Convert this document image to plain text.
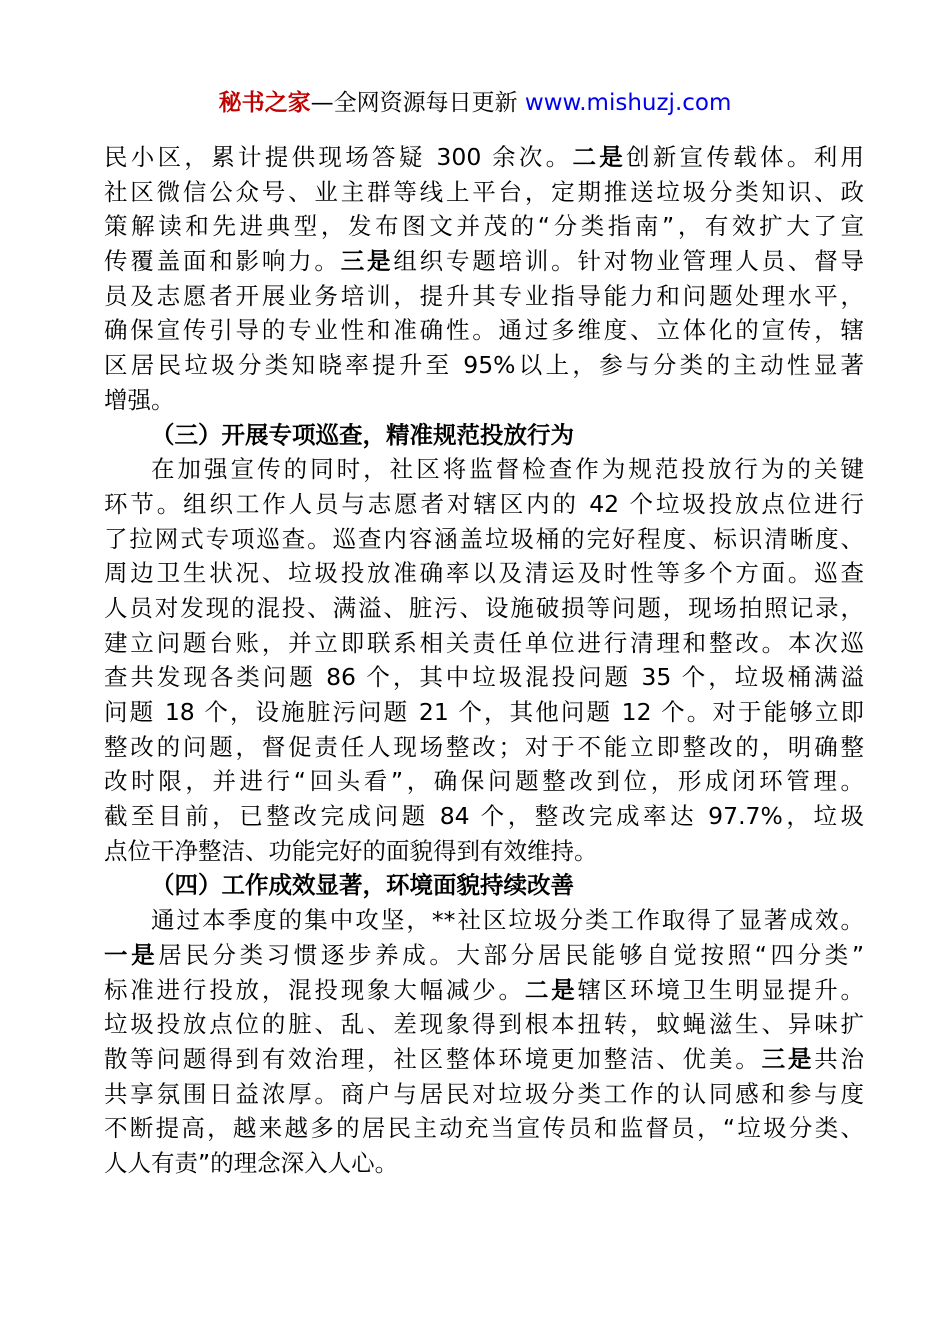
秘书之家—全网资源每日更新 www.mishuzj.com
民小区，累计提供现场答疑 300 余次。二是创新宣传载体。利用
社区微信公众号、业主群等线上平台，定期推送垃圾分类知识、政
策解读和先进典型，发布图文并茂的“分类指南”，有效扩大了宣
传覆盖面和影响力。三是组织专题培训。针对物业管理人员、督导
员及志愿者开展业务培训，提升其专业指导能力和问题处理水平，
确保宣传引导的专业性和准确性。通过多维度、立体化的宣传，辖
区居民垃圾分类知晓率提升至 95%以上，参与分类的主动性显著
增强。
（三）开展专项巡查，精准规范投放行为
在加强宣传的同时，社区将监督检查作为规范投放行为的关键
环节。组织工作人员与志愿者对辖区内的 42 个垃圾投放点位进行
了拉网式专项巡查。巡查内容涵盖垃圾桶的完好程度、标识清晰度、
周边卫生状况、垃圾投放准确率以及清运及时性等多个方面。巡查
人员对发现的混投、满溢、脏污、设施破损等问题，现场拍照记录，
建立问题台账，并立即联系相关责任单位进行清理和整改。本次巡
查共发现各类问题 86 个，其中垃圾混投问题 35 个，垃圾桶满溢
问题 18 个，设施脏污问题 21 个，其他问题 12 个。对于能够立即
整改的问题，督促责任人现场整改；对于不能立即整改的，明确整
改时限，并进行“回头看”，确保问题整改到位，形成闭环管理。
截至目前，已整改完成问题 84 个，整改完成率达 97.7%，垃圾
点位干净整洁、功能完好的面貌得到有效维持。
（四）工作成效显著，环境面貌持续改善
通过本季度的集中攻坚，**社区垃圾分类工作取得了显著成效。
一是居民分类习惯逐步养成。大部分居民能够自觉按照“四分类”
标准进行投放，混投现象大幅减少。二是辖区环境卫生明显提升。
垃圾投放点位的脏、乱、差现象得到根本扭转，蚊蝇滋生、异味扩
散等问题得到有效治理，社区整体环境更加整洁、优美。三是共治
共享氛围日益浓厚。商户与居民对垃圾分类工作的认同感和参与度
不断提高，越来越多的居民主动充当宣传员和监督员，“垃圾分类、
人人有责”的理念深入人心。
